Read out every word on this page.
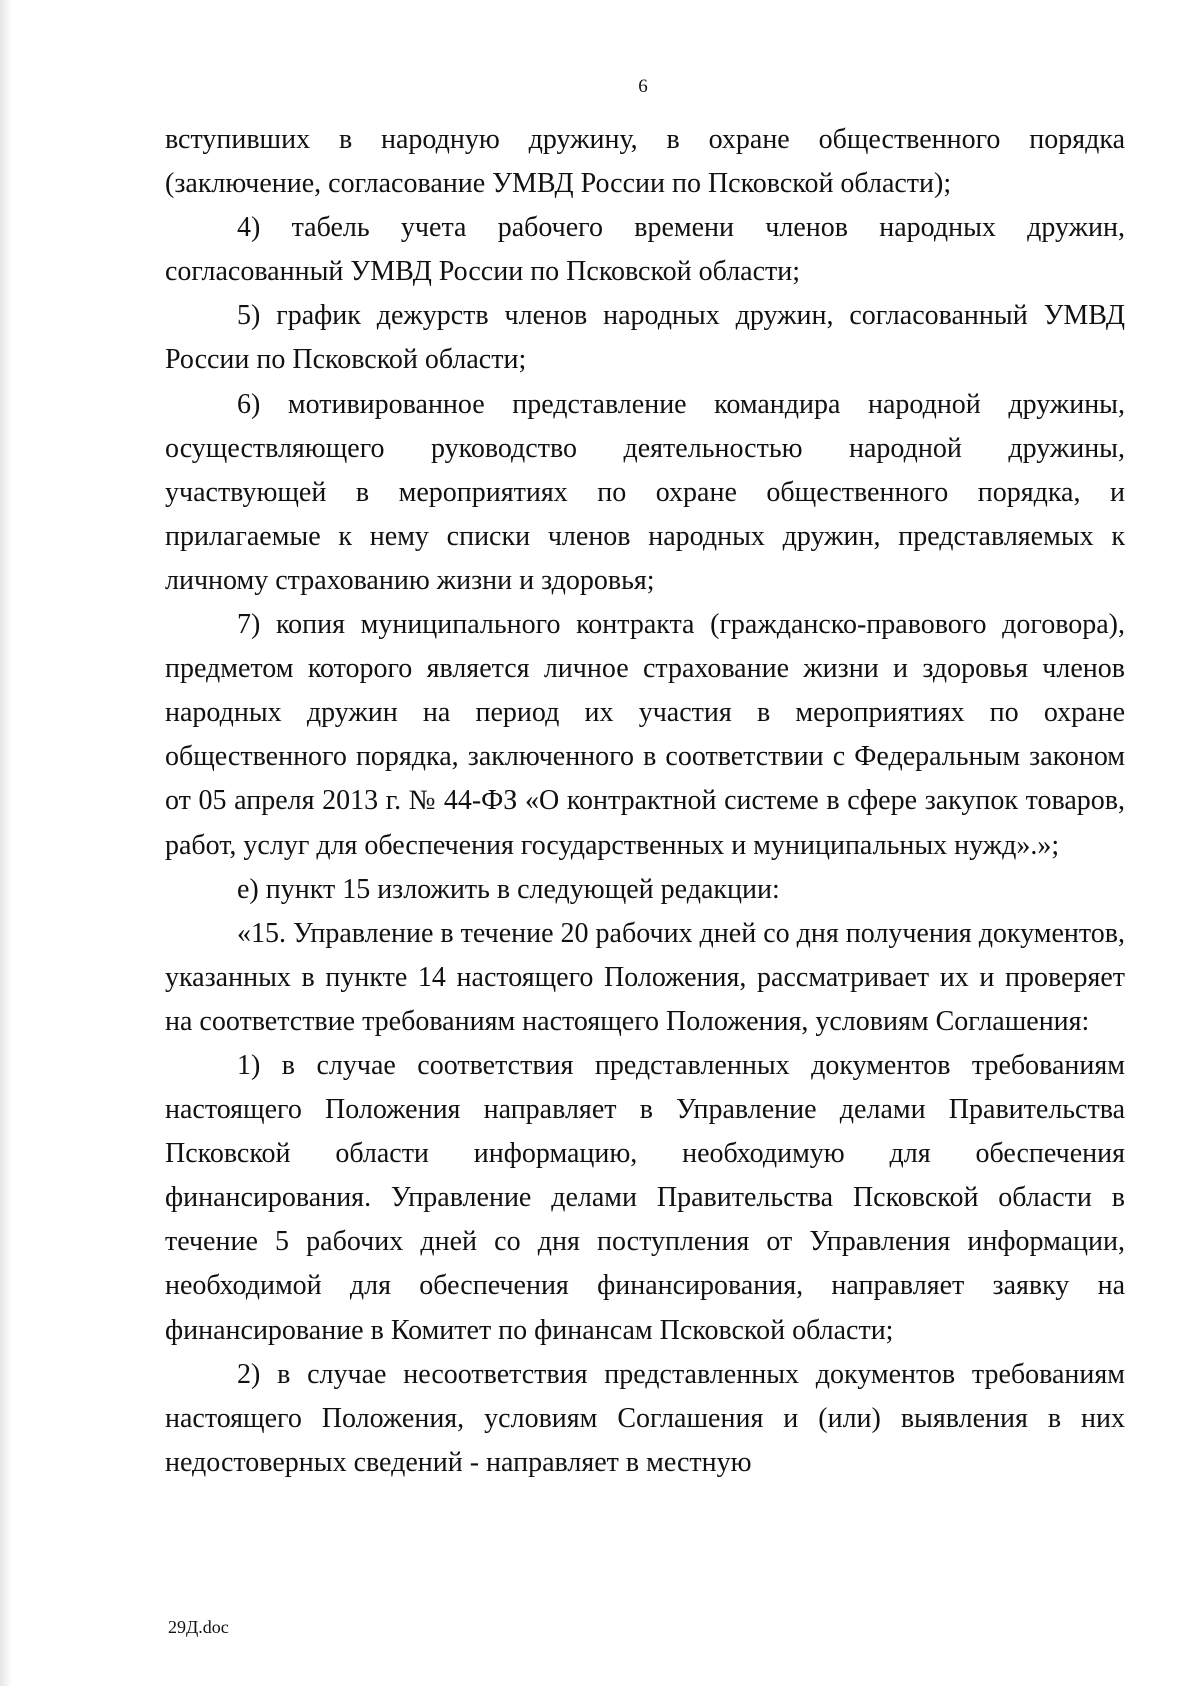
6

вступивших в народную дружину, в охране общественного порядка (заключение, согласование УМВД России по Псковской области);

4) табель учета рабочего времени членов народных дружин, согласованный УМВД России по Псковской области;

5) график дежурств членов народных дружин, согласованный УМВД России по Псковской области;

6) мотивированное представление командира народной дружины, осуществляющего руководство деятельностью народной дружины, участвующей в мероприятиях по охране общественного порядка, и прилагаемые к нему списки членов народных дружин, представляемых к личному страхованию жизни и здоровья;

7) копия муниципального контракта (гражданско-правового договора), предметом которого является личное страхование жизни и здоровья членов народных дружин на период их участия в мероприятиях по охране общественного порядка, заключенного в соответствии с Федеральным законом от 05 апреля 2013 г. № 44-ФЗ «О контрактной системе в сфере закупок товаров, работ, услуг для обеспечения государственных и муниципальных нужд».»;

е) пункт 15 изложить в следующей редакции:

«15. Управление в течение 20 рабочих дней со дня получения документов, указанных в пункте 14 настоящего Положения, рассматривает их и проверяет на соответствие требованиям настоящего Положения, условиям Соглашения:

1) в случае соответствия представленных документов требованиям настоящего Положения направляет в Управление делами Правительства Псковской области информацию, необходимую для обеспечения финансирования. Управление делами Правительства Псковской области в течение 5 рабочих дней со дня поступления от Управления информации, необходимой для обеспечения финансирования, направляет заявку на финансирование в Комитет по финансам Псковской области;

2) в случае несоответствия представленных документов требованиям настоящего Положения, условиям Соглашения и (или) выявления в них недостоверных сведений - направляет в местную

29Д.doc
